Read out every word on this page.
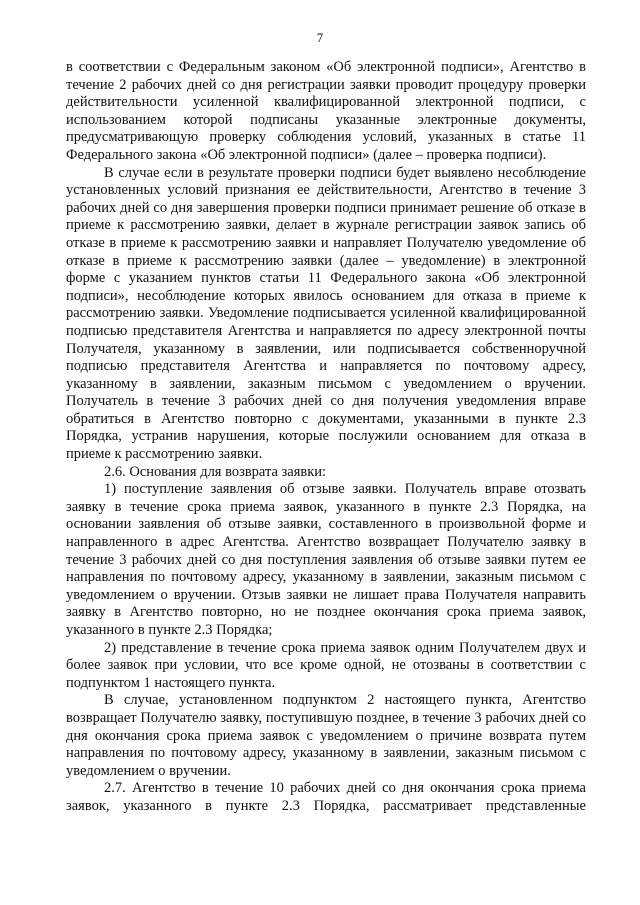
7

в соответствии с Федеральным законом «Об электронной подписи», Агентство в течение 2 рабочих дней со дня регистрации заявки проводит процедуру проверки действительности усиленной квалифицированной электронной подписи, с использованием которой подписаны указанные электронные документы, предусматривающую проверку соблюдения условий, указанных в статье 11 Федерального закона «Об электронной подписи» (далее – проверка подписи).

В случае если в результате проверки подписи будет выявлено несоблюдение установленных условий признания ее действительности, Агентство в течение 3 рабочих дней со дня завершения проверки подписи принимает решение об отказе в приеме к рассмотрению заявки, делает в журнале регистрации заявок запись об отказе в приеме к рассмотрению заявки и направляет Получателю уведомление об отказе в приеме к рассмотрению заявки (далее – уведомление) в электронной форме с указанием пунктов статьи 11 Федерального закона «Об электронной подписи», несоблюдение которых явилось основанием для отказа в приеме к рассмотрению заявки. Уведомление подписывается усиленной квалифицированной подписью представителя Агентства и направляется по адресу электронной почты Получателя, указанному в заявлении, или подписывается собственноручной подписью представителя Агентства и направляется по почтовому адресу, указанному в заявлении, заказным письмом с уведомлением о вручении. Получатель в течение 3 рабочих дней со дня получения уведомления вправе обратиться в Агентство повторно с документами, указанными в пункте 2.3 Порядка, устранив нарушения, которые послужили основанием для отказа в приеме к рассмотрению заявки.

2.6. Основания для возврата заявки:

1) поступление заявления об отзыве заявки. Получатель вправе отозвать заявку в течение срока приема заявок, указанного в пункте 2.3 Порядка, на основании заявления об отзыве заявки, составленного в произвольной форме и направленного в адрес Агентства. Агентство возвращает Получателю заявку в течение 3 рабочих дней со дня поступления заявления об отзыве заявки путем ее направления по почтовому адресу, указанному в заявлении, заказным письмом с уведомлением о вручении. Отзыв заявки не лишает права Получателя направить заявку в Агентство повторно, но не позднее окончания срока приема заявок, указанного в пункте 2.3 Порядка;

2) представление в течение срока приема заявок одним Получателем двух и более заявок при условии, что все кроме одной, не отозваны в соответствии с подпунктом 1 настоящего пункта.

В случае, установленном подпунктом 2 настоящего пункта, Агентство возвращает Получателю заявку, поступившую позднее, в течение 3 рабочих дней со дня окончания срока приема заявок с уведомлением о причине возврата путем направления по почтовому адресу, указанному в заявлении, заказным письмом с уведомлением о вручении.

2.7. Агентство в течение 10 рабочих дней со дня окончания срока приема заявок, указанного в пункте 2.3 Порядка, рассматривает представленные
